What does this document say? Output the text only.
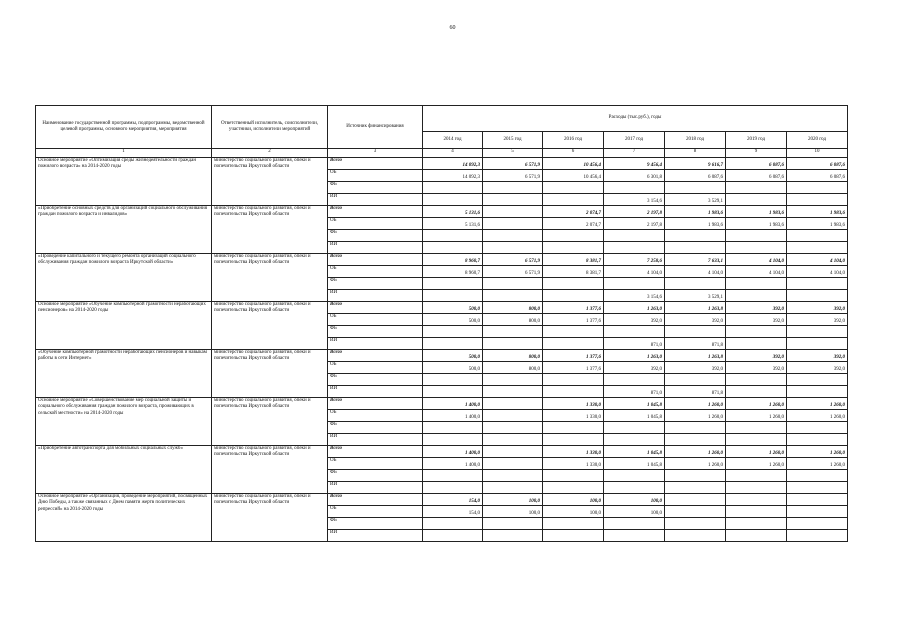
60
Наименование государственной программы, подпрограммы, ведомственной целевой программы, основного мероприятия, мероприятия	Ответственный исполнитель, соисполнители, участники, исполнители мероприятий	Источник финансирования	Расходы (тыс.руб.), годы						
			2014 год	2015 год	2016 год	2017 год	2018 год	2019 год	2020 год
1	2	3	4	5	6	7	8	9	10
Основное мероприятие «Оптимизация среды жизнедеятельности граждан пожилого возраста» на 2014-2020 годы	министерство социального развития, опеки и попечительства Иркутской области	Всего	14 092,3	6 571,9	10 456,4	9 456,4	9 616,7	6 087,6	6 087,6
		ОБ	14 092,3	6 571,9	10 456,4	6 301,8	6 087,6	6 087,6	6 087,6
		ФБ							
		ИИ				3 154,6	3 529,1		
«Приобретение основных средств для организаций социального обслуживания граждан пожилого возраста и инвалидов»	министерство социального развития, опеки и попечительства Иркутской области	Всего	5 131,6		2 074,7	2 197,8	1 983,6	1 983,6	1 983,6
		ОБ	5 131,6		2 074,7	2 197,8	1 983,6	1 983,6	1 983,6
		ФБ							
		ИИ							
«Проведение капитального и текущего ремонта организаций социального обслуживания граждан пожилого возраста Иркутской области»	министерство социального развития, опеки и попечительства Иркутской области	Всего	8 960,7	6 571,9	8 381,7	7 258,6	7 633,1	4 104,0	4 104,0
		ОБ	8 960,7	6 571,9	8 381,7	4 104,0	4 104,0	4 104,0	4 104,0
		ФБ							
		ИИ				3 154,6	3 529,1		
Основное мероприятие «Обучение компьютерной грамотности неработающих пенсионеров» на 2014-2020 годы	министерство социального развития, опеки и попечительства Иркутской области	Всего	500,0	800,0	1 377,6	1 263,0	1 263,8	392,0	392,0
		ОБ	500,0	800,0	1 377,6	392,0	392,0	392,0	392,0
		ФБ							
		ИИ				871,0	871,8		
«Обучение компьютерной грамотности неработающих пенсионеров и навыкам работы в сети Интернет»	министерство социального развития, опеки и попечительства Иркутской области	Всего	500,0	800,0	1 377,6	1 263,0	1 263,8	392,0	392,0
		ОБ	500,0	800,0	1 377,6	392,0	392,0	392,0	392,0
		ФБ							
		ИИ				871,0	871,8		
Основное мероприятие «Совершенствование мер социальной защиты и социального обслуживания граждан пожилого возраста, проживающих в сельской местности» на 2014-2020 годы	министерство социального развития, опеки и попечительства Иркутской области	Всего	1 400,0		1 330,0	1 045,8	1 260,0	1 260,0	1 260,0
		ОБ	1 400,0		1 330,0	1 045,8	1 260,0	1 260,0	1 260,0
		ФБ							
		ИИ							
«Приобретение автотранспорта для мобильных социальных служб»	министерство социального развития, опеки и попечительства Иркутской области	Всего	1 400,0		1 330,0	1 045,8	1 260,0	1 260,0	1 260,0
		ОБ	1 400,0		1 330,0	1 045,8	1 260,0	1 260,0	1 260,0
		ФБ							
		ИИ							
Основное мероприятие «Организация, проведение мероприятий, посвященных Дню Победы, а также связанных с Днем памяти жертв политических репрессий» на 2014-2020 годы	министерство социального развития, опеки и попечительства Иркутской области	Всего	154,0	100,0	100,0	100,0			
		ОБ	154,0	100,0	100,0	100,0			
		ФБ							
		ИИ							
